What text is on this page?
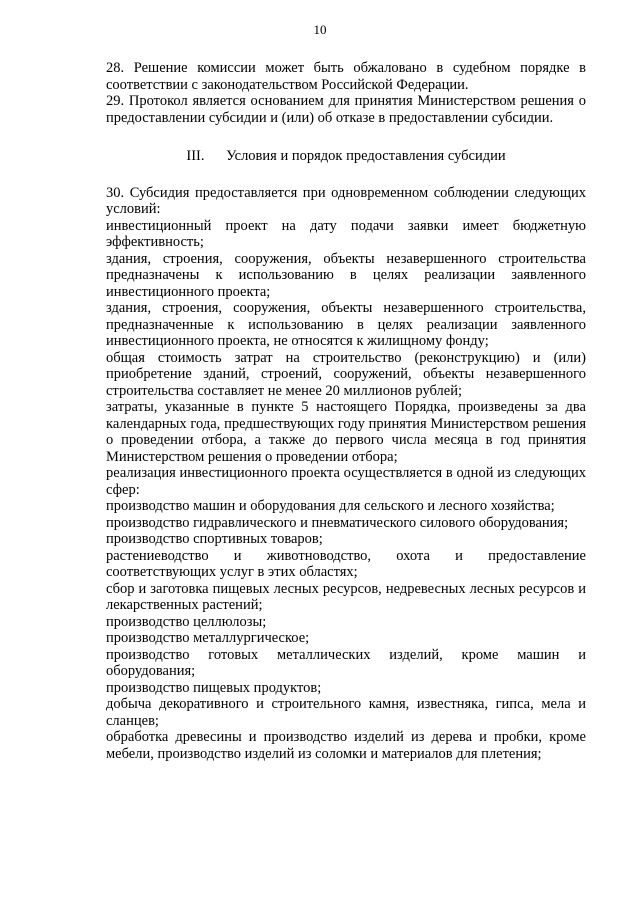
10

28. Решение комиссии может быть обжаловано в судебном порядке в соответствии с законодательством Российской Федерации.

29. Протокол является основанием для принятия Министерством решения о предоставлении субсидии и (или) об отказе в предоставлении субсидии.

III. Условия и порядок предоставления субсидии

30. Субсидия предоставляется при одновременном соблюдении следующих условий:

инвестиционный проект на дату подачи заявки имеет бюджетную эффективность;

здания, строения, сооружения, объекты незавершенного строительства предназначены к использованию в целях реализации заявленного инвестиционного проекта;

здания, строения, сооружения, объекты незавершенного строительства, предназначенные к использованию в целях реализации заявленного инвестиционного проекта, не относятся к жилищному фонду;

общая стоимость затрат на строительство (реконструкцию) и (или) приобретение зданий, строений, сооружений, объекты незавершенного строительства составляет не менее 20 миллионов рублей;

затраты, указанные в пункте 5 настоящего Порядка, произведены за два календарных года, предшествующих году принятия Министерством решения о проведении отбора, а также до первого числа месяца в год принятия Министерством решения о проведении отбора;

реализация инвестиционного проекта осуществляется в одной из следующих сфер:

производство машин и оборудования для сельского и лесного хозяйства;

производство гидравлического и пневматического силового оборудования;

производство спортивных товаров;

растениеводство и животноводство, охота и предоставление соответствующих услуг в этих областях;

сбор и заготовка пищевых лесных ресурсов, недревесных лесных ресурсов и лекарственных растений;

производство целлюлозы;

производство металлургическое;

производство готовых металлических изделий, кроме машин и оборудования;

производство пищевых продуктов;

добыча декоративного и строительного камня, известняка, гипса, мела и сланцев;

обработка древесины и производство изделий из дерева и пробки, кроме мебели, производство изделий из соломки и материалов для плетения;
